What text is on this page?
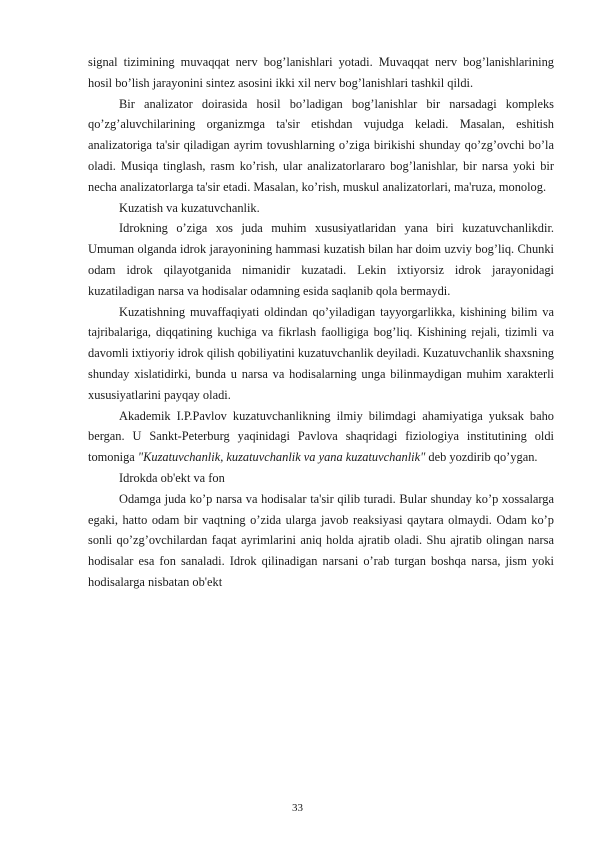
signal tizimining muvaqqat nerv bog’lanishlari yotadi. Muvaqqat nerv bog’lanishlarining hosil bo’lish jarayonini sintez asosini ikki xil nerv bog’lanishlari tashkil qildi.

Bir analizator doirasida hosil bo’ladigan bog’lanishlar bir narsadagi kompleks qo’zg’aluvchilarining organizmga ta'sir etishdan vujudga keladi. Masalan, eshitish analizatoriga ta'sir qiladigan ayrim tovushlarning o’ziga birikishi shunday qo’zg’ovchi bo’la oladi. Musiqa tinglash, rasm ko’rish, ular analizatorlararo bog’lanishlar, bir narsa yoki bir necha analizatorlarga ta'sir etadi. Masalan, ko’rish, muskul analizatorlari, ma'ruza, monolog.

Kuzatish va kuzatuvchanlik.

Idrokning o’ziga xos juda muhim xususiyatlaridan yana biri kuzatuvchanlikdir. Umuman olganda idrok jarayonining hammasi kuzatish bilan har doim uzviy bog’liq. Chunki odam idrok qilayotganida nimanidir kuzatadi. Lekin ixtiyorsiz idrok jarayonidagi kuzatiladigan narsa va hodisalar odamning esida saqlanib qola bermaydi.

Kuzatishning muvaffaqiyati oldindan qo’yiladigan tayyorgarlikka, kishining bilim va tajribalariga, diqqatining kuchiga va fikrlash faolligiga bog’liq. Kishining rejali, tizimli va davomli ixtiyoriy idrok qilish qobiliyatini kuzatuvchanlik deyiladi. Kuzatuvchanlik shaxsning shunday xislatidirki, bunda u narsa va hodisalarning unga bilinmaydigan muhim xarakterli xususiyatlarini payqay oladi.

Akademik I.P.Pavlov kuzatuvchanlikning ilmiy bilimdagi ahamiyatiga yuksak baho bergan. U Sankt-Peterburg yaqinidagi Pavlova shaqridagi fiziologiya institutining oldi tomoniga "Kuzatuvchanlik, kuzatuvchanlik va yana kuzatuvchanlik" deb yozdirib qo’ygan.

Idrokda ob'ekt va fon

Odamga juda ko’p narsa va hodisalar ta'sir qilib turadi. Bular shunday ko’p xossalarga egaki, hatto odam bir vaqtning o’zida ularga javob reaksiyasi qaytara olmaydi. Odam ko’p sonli qo’zg’ovchilardan faqat ayrimlarini aniq holda ajratib oladi. Shu ajratib olingan narsa hodisalar esa fon sanaladi. Idrok qilinadigan narsani o’rab turgan boshqa narsa, jism yoki hodisalarga nisbatan ob'ekt

33
